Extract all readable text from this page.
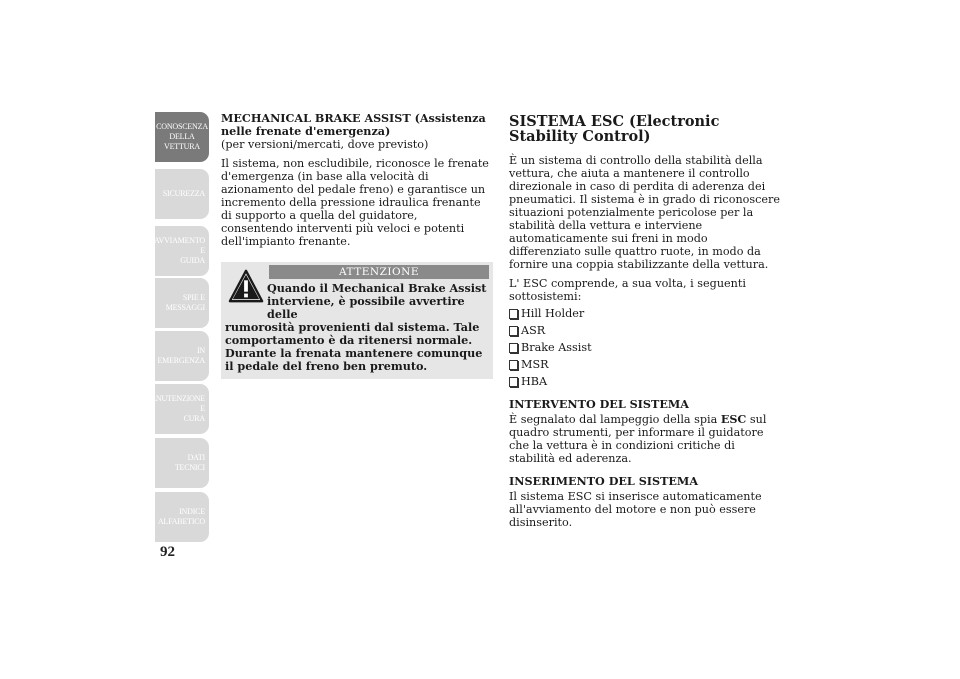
CONOSCENZA
DELLA VETTURA
SICUREZZA
AVVIAMENTO E
GUIDA
SPIE E MESSAGGI
IN EMERGENZA
MANUTENZIONE E
CURA
DATI TECNICI
INDICE
ALFABETICO
92
MECHANICAL BRAKE ASSIST (Assistenza
nelle frenate d'emergenza)
(per versioni/mercati, dove previsto)

Il sistema, non escludibile, riconosce le frenate d'emergenza (in base alla velocità di azionamento del pedale freno) e garantisce un incremento della pressione idraulica frenante di supporto a quella del guidatore, consentendo interventi più veloci e potenti dell'impianto frenante.

ATTENZIONE
Quando il Mechanical Brake Assist
interviene, è possibile avvertire delle
rumorosità provenienti dal sistema. Tale comportamento è da ritenersi normale. Durante la frenata mantenere comunque il pedale del freno ben premuto.
SISTEMA ESC (Electronic Stability Control)

È un sistema di controllo della stabilità della vettura, che aiuta a mantenere il controllo direzionale in caso di perdita di aderenza dei pneumatici. Il sistema è in grado di riconoscere situazioni potenzialmente pericolose per la stabilità della vettura e interviene automaticamente sui freni in modo differenziato sulle quattro ruote, in modo da fornire una coppia stabilizzante della vettura.

L' ESC comprende, a sua volta, i seguenti sottosistemi:

Hill Holder
ASR
Brake Assist
MSR
HBA
INTERVENTO DEL SISTEMA

È segnalato dal lampeggio della spia ESC sul quadro strumenti, per informare il guidatore che la vettura è in condizioni critiche di stabilità ed aderenza.

INSERIMENTO DEL SISTEMA

Il sistema ESC si inserisce automaticamente all'avviamento del motore e non può essere disinserito.
